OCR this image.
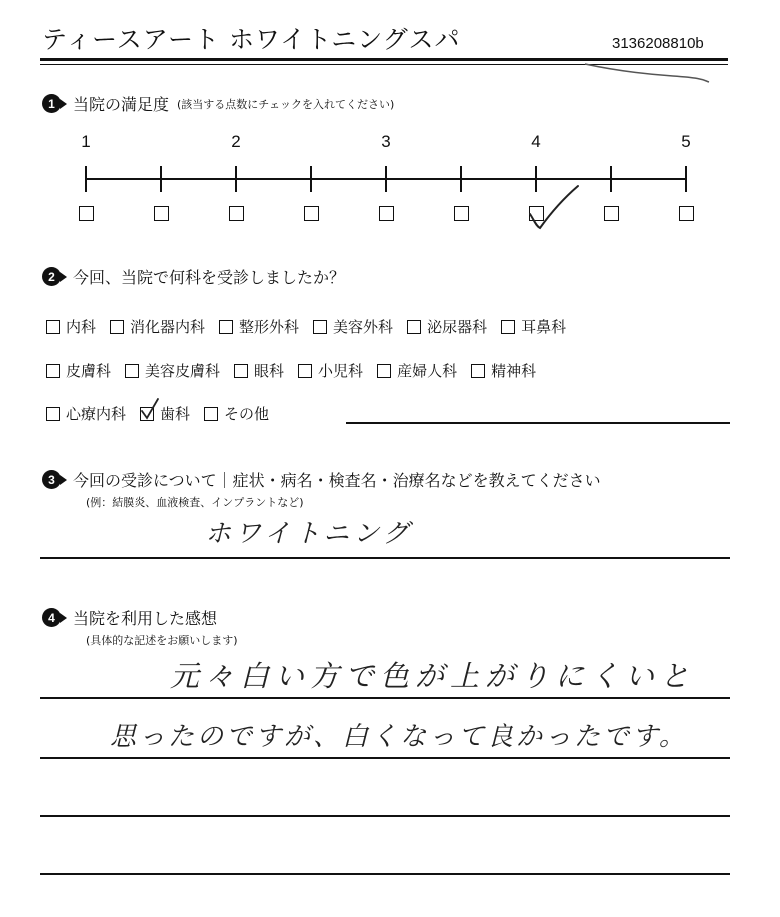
ティースアート ホワイトニングスパ	3136208810b
1	当院の満足度 (該当する点数にチェックを入れてください)
1	2	3	4	5
2	今回、当院で何科を受診しましたか？
内科 消化器内科 整形外科 美容外科 泌尿器科 耳鼻科
皮膚科 美容皮膚科 眼科 小児科 産婦人科 精神科
心療内科 歯科 その他
3	今回の受診について｜症状・病名・検査名・治療名などを教えてください
(例：結膜炎、血液検査、インプラントなど)
ホワイトニング
4	当院を利用した感想
(具体的な記述をお願いします)
元々白い方で色が上がりにくいと
思ったのですが、白くなって良かったです。
